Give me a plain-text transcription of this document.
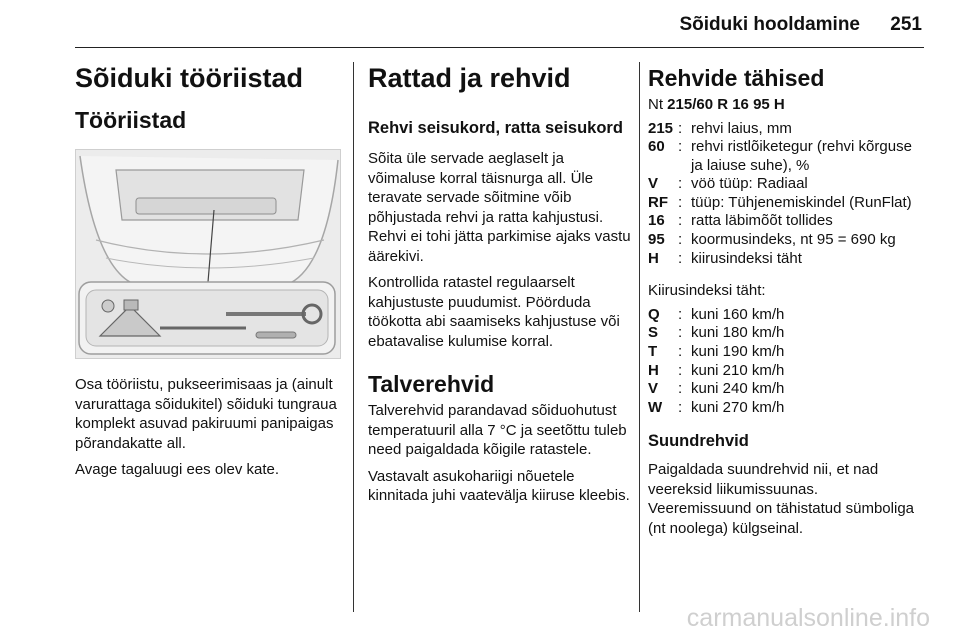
Sõiduki hooldamine	251
Sõiduki tööriistad
Tööriistad

Osa tööriistu, pukseerimisaas ja (ainult varurattaga sõidukitel) sõiduki tungraua komplekt asuvad pakiruumi panipaigas põrandakatte all.

Avage tagaluugi ees olev kate.

Rattad ja rehvid
Rehvi seisukord, ratta seisukord

Sõita üle servade aeglaselt ja võimaluse korral täisnurga all. Üle teravate servade sõitmine võib põhjustada rehvi ja ratta kahjustusi. Rehvi ei tohi jätta parkimise ajaks vastu äärekivi.

Kontrollida ratastel regulaarselt kahjustuste puudumist. Pöörduda töökotta abi saamiseks kahjustuse või ebatavalise kulumise korral.

Talverehvid

Talverehvid parandavad sõiduohutust temperatuuril alla 7 °C ja seetõttu tuleb need paigaldada kõigile ratastele.

Vastavalt asukohariigi nõuetele kinnitada juhi vaatevälja kiiruse kleebis.

Rehvide tähised

Nt 215/60 R 16 95 H

215	:	rehvi laius, mm
60	:	rehvi ristlõiketegur (rehvi kõrguse ja laiuse suhe), %
V	:	vöö tüüp: Radiaal
RF	:	tüüp: Tühjenemiskindel (RunFlat)
16	:	ratta läbimõõt tollides
95	:	koormusindeks, nt 95 = 690 kg
H	:	kiirusindeksi täht

Kiirusindeksi täht:

Q	:	kuni 160 km/h
S	:	kuni 180 km/h
T	:	kuni 190 km/h
H	:	kuni 210 km/h
V	:	kuni 240 km/h
W	:	kuni 270 km/h
Suundrehvid

Paigaldada suundrehvid nii, et nad veereksid liikumissuunas. Veeremissuund on tähistatud sümboliga (nt noolega) külgseinal.

carmanualsonline.info
